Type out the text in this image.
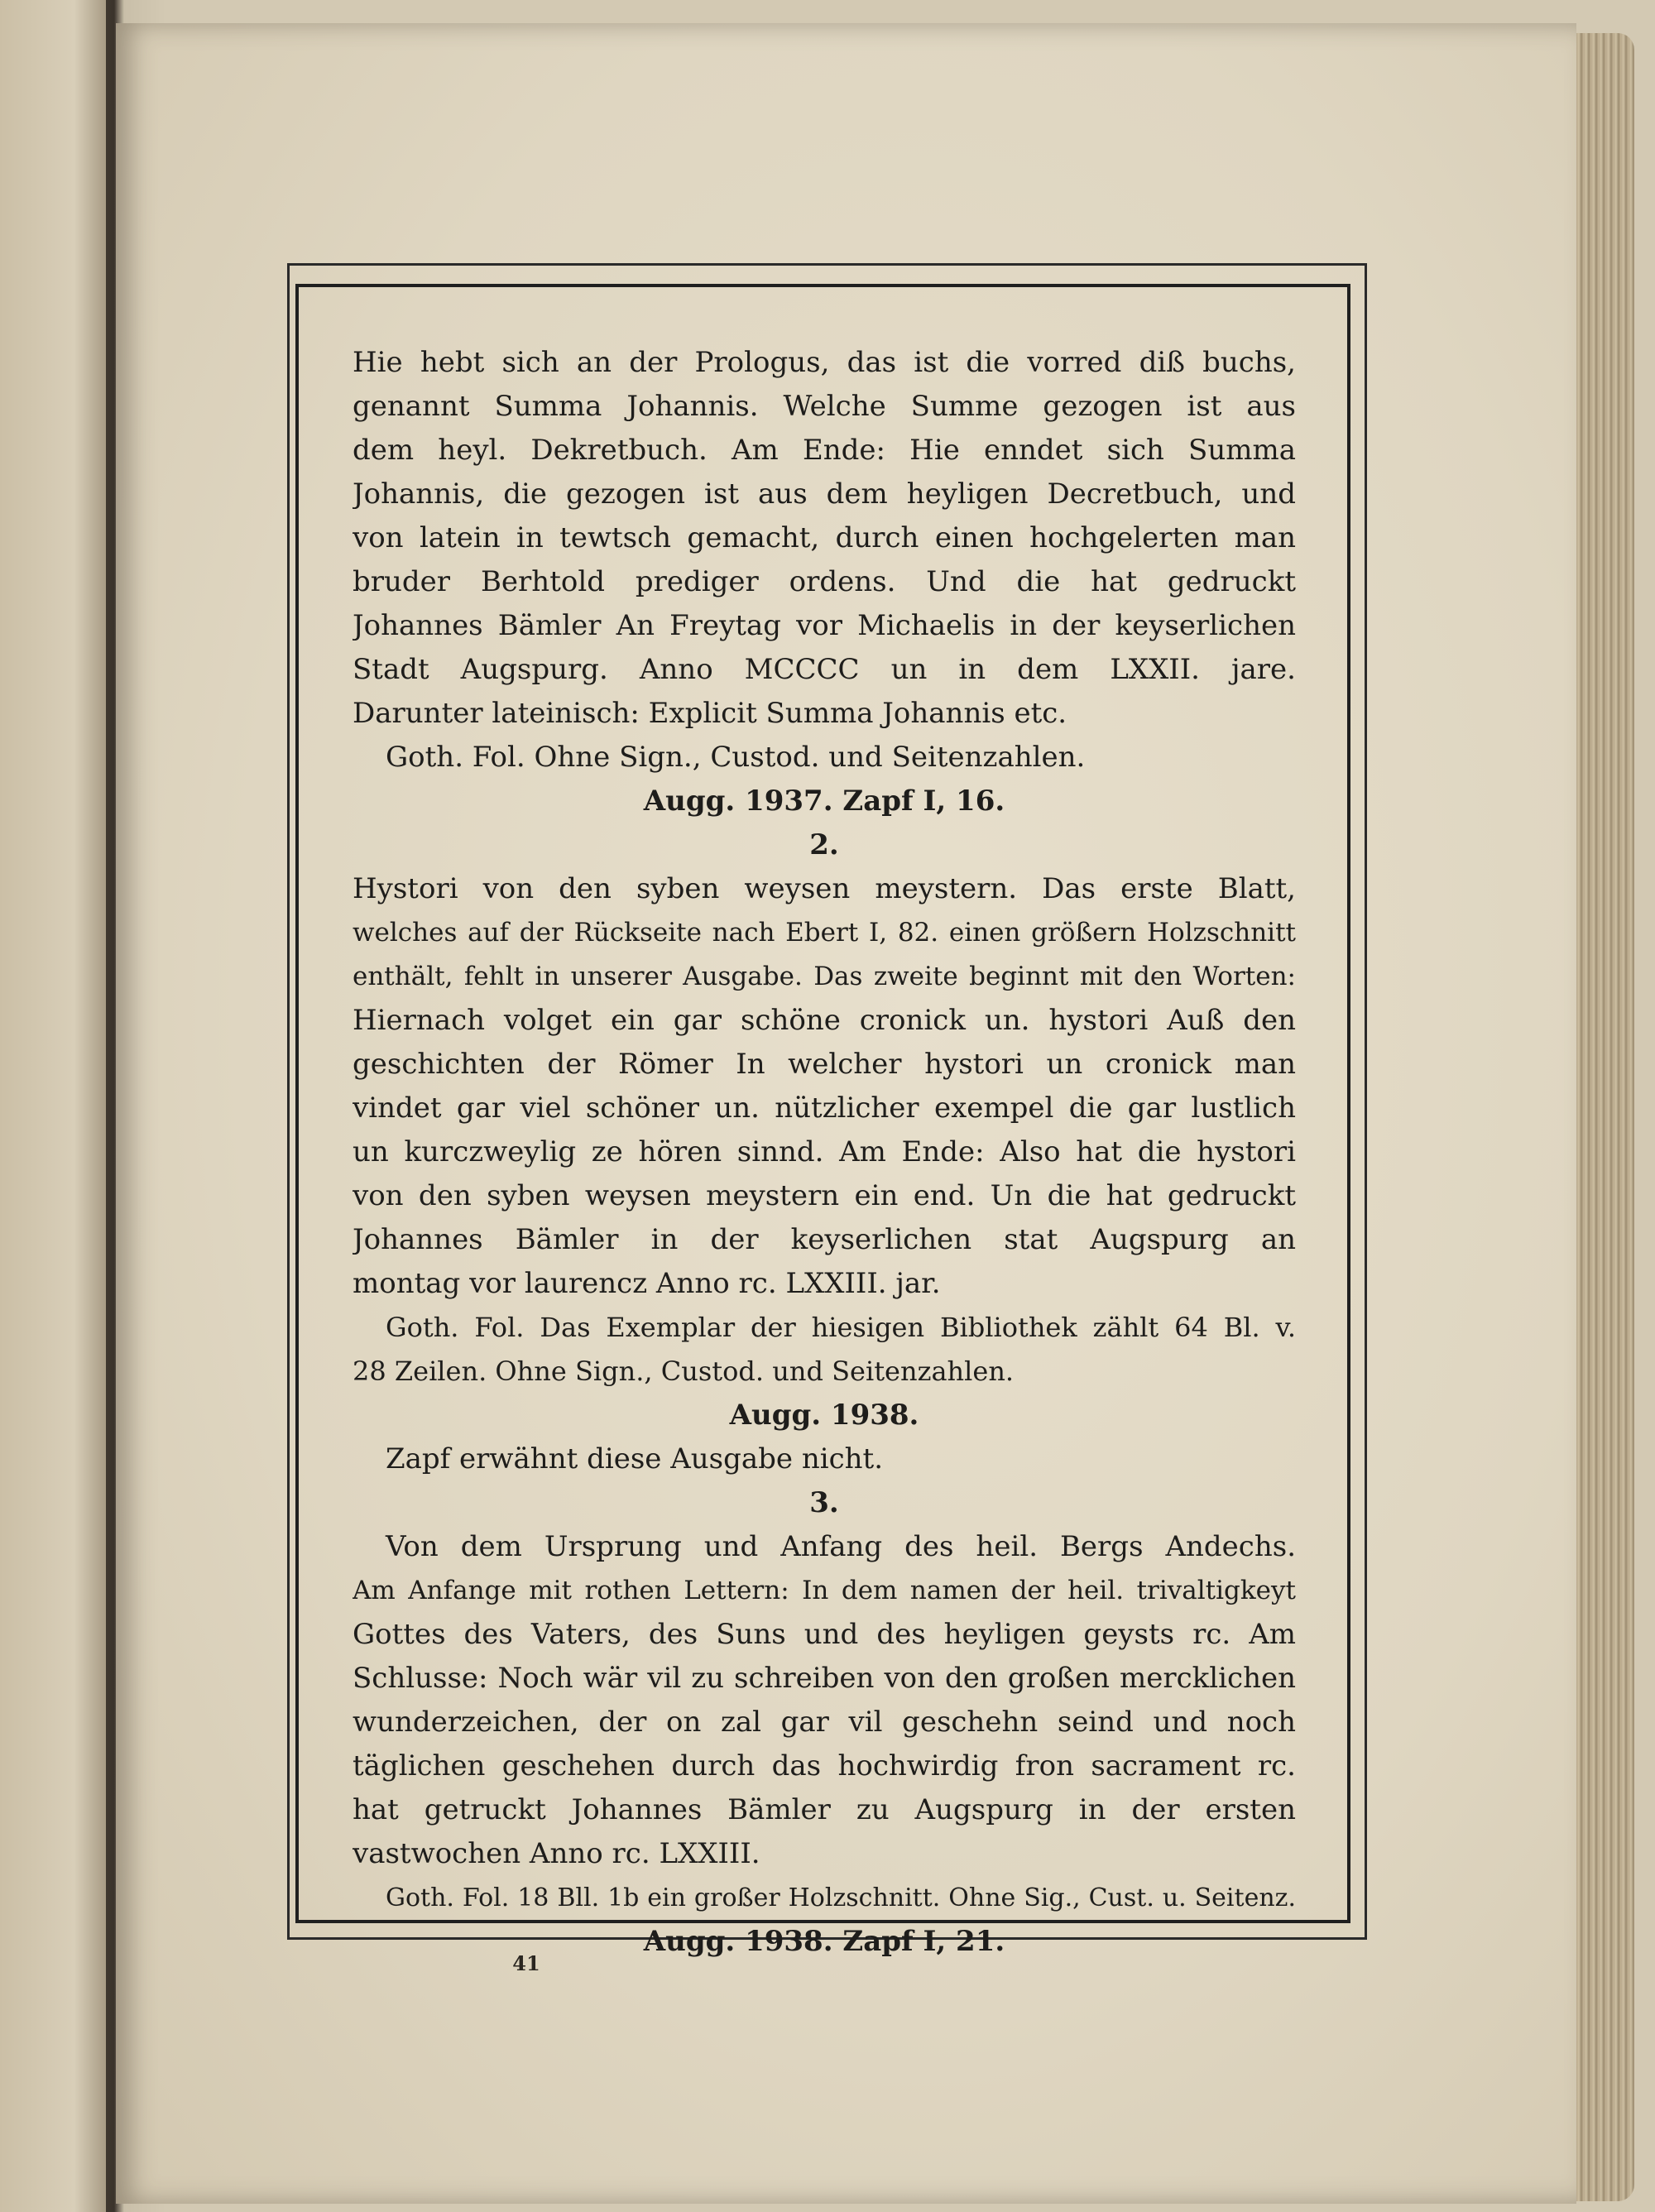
Hie hebt sich an der Prologus, das ist die vorred diß buchs,
genannt Summa Johannis. Welche Summe gezogen ist aus
dem heyl. Dekretbuch. Am Ende: Hie enndet sich Summa
Johannis, die gezogen ist aus dem heyligen Decretbuch, und
von latein in tewtsch gemacht, durch einen hochgelerten man
bruder Berhtold prediger ordens. Und die hat gedruckt
Johannes Bämler An Freytag vor Michaelis in der keyserlichen
Stadt Augspurg. Anno MCCCC un in dem LXXII. jare.
Darunter lateinisch: Explicit Summa Johannis etc.
Goth. Fol. Ohne Sign., Custod. und Seitenzahlen.
Augg. 1937. Zapf I, 16.
2.
Hystori von den syben weysen meystern. Das erste Blatt,
welches auf der Rückseite nach Ebert I, 82. einen größern Holzschnitt
enthält, fehlt in unserer Ausgabe. Das zweite beginnt mit den Worten:
Hiernach volget ein gar schöne cronick un. hystori Auß den
geschichten der Römer In welcher hystori un cronick man
vindet gar viel schöner un. nützlicher exempel die gar lustlich
un kurczweylig ze hören sinnd. Am Ende: Also hat die hystori
von den syben weysen meystern ein end. Un die hat gedruckt
Johannes Bämler in der keyserlichen stat Augspurg an
montag vor laurencz Anno rc. LXXIII. jar.
Goth. Fol. Das Exemplar der hiesigen Bibliothek zählt 64 Bl. v.
28 Zeilen. Ohne Sign., Custod. und Seitenzahlen.
Augg. 1938.
Zapf erwähnt diese Ausgabe nicht.
3.
Von dem Ursprung und Anfang des heil. Bergs Andechs.
Am Anfange mit rothen Lettern: In dem namen der heil. trivaltigkeyt
Gottes des Vaters, des Suns und des heyligen geysts rc. Am
Schlusse: Noch wär vil zu schreiben von den großen mercklichen
wunderzeichen, der on zal gar vil geschehn seind und noch
täglichen geschehen durch das hochwirdig fron sacrament rc.
hat getruckt Johannes Bämler zu Augspurg in der ersten
vastwochen Anno rc. LXXIII.
Goth. Fol. 18 Bll. 1b ein großer Holzschnitt. Ohne Sig., Cust. u. Seitenz.
Augg. 1938. Zapf I, 21.
41
